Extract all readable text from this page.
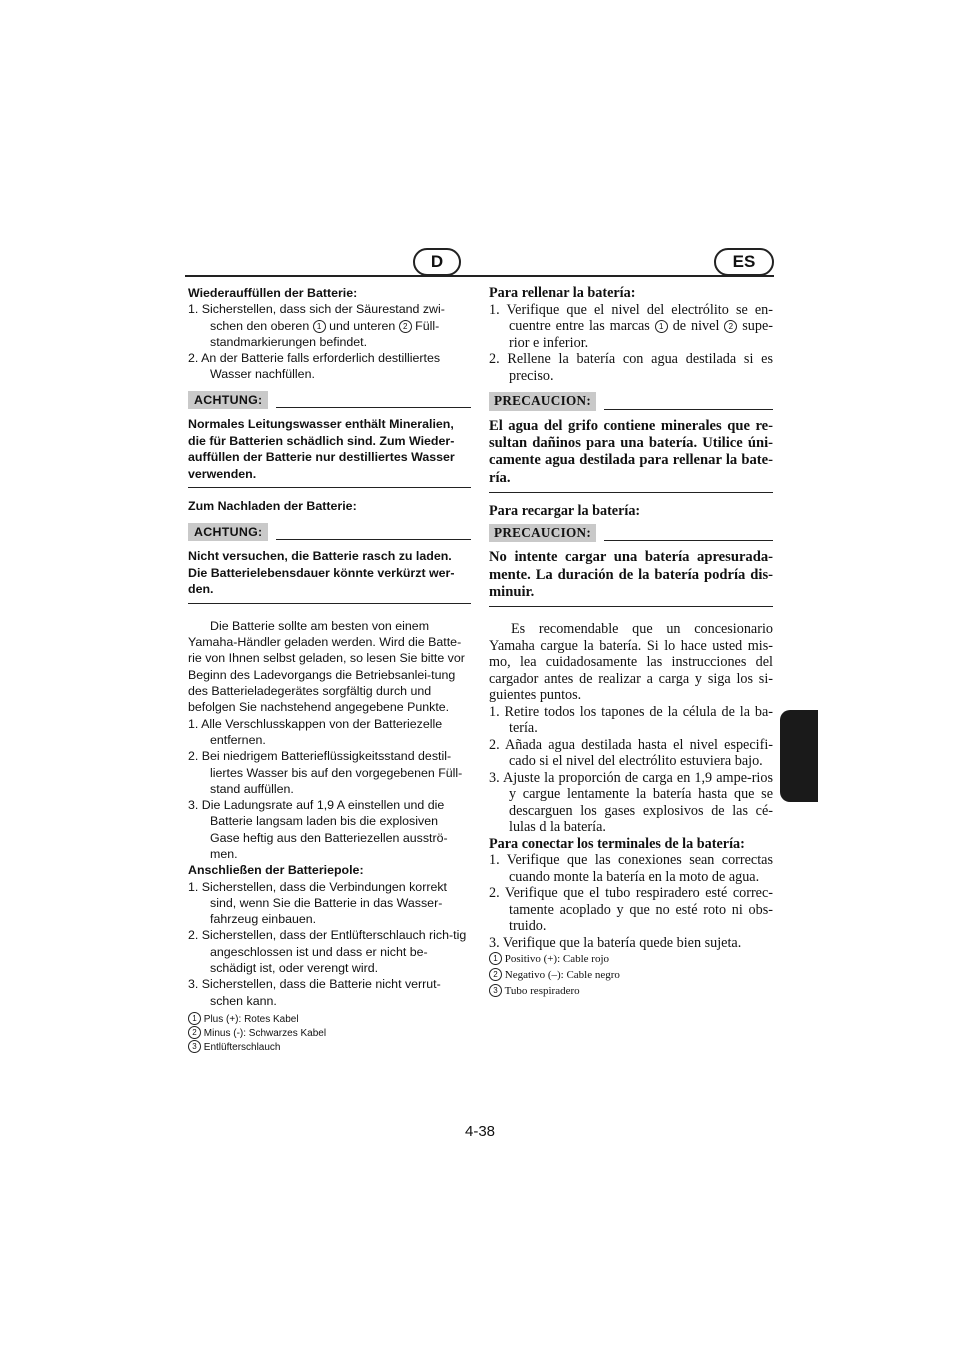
D	ES

Wiederauffüllen der Batterie:

1. Sicherstellen, dass sich der Säurestand zwi-schen den oberen 1 und unteren 2 Füll-standmarkierungen befindet.

2. An der Batterie falls erforderlich destilliertes Wasser nachfüllen.

ACHTUNG:

Normales Leitungswasser enthält Mineralien, die für Batterien schädlich sind. Zum Wieder-auffüllen der Batterie nur destilliertes Wasser verwenden.

Zum Nachladen der Batterie:

ACHTUNG:

Nicht versuchen, die Batterie rasch zu laden. Die Batterielebensdauer könnte verkürzt wer-den.

Die Batterie sollte am besten von einem Yamaha-Händler geladen werden. Wird die Batte-rie von Ihnen selbst geladen, so lesen Sie bitte vor Beginn des Ladevorgangs die Betriebsanlei-tung des Batterieladegerätes sorgfältig durch und befolgen Sie nachstehend angegebene Punkte.

1. Alle Verschlusskappen von der Batteriezelle entfernen.

2. Bei niedrigem Batterieflüssigkeitsstand destil-liertes Wasser bis auf den vorgegebenen Füll-stand auffüllen.

3. Die Ladungsrate auf 1,9 A einstellen und die Batterie langsam laden bis die explosiven Gase heftig aus den Batteriezellen ausströ-men.

Anschließen der Batteriepole:

1. Sicherstellen, dass die Verbindungen korrekt sind, wenn Sie die Batterie in das Wasser-fahrzeug einbauen.

2. Sicherstellen, dass der Entlüfterschlauch rich-tig angeschlossen ist und dass er nicht be-schädigt ist, oder verengt wird.

3. Sicherstellen, dass die Batterie nicht verrut-schen kann.

1 Plus (+): Rotes Kabel

2 Minus (-): Schwarzes Kabel

3 Entlüfterschlauch

Para rellenar la batería:

1. Verifique que el nivel del electrólito se en-cuentre entre las marcas 1 de nivel 2 supe-rior e inferior.

2. Rellene la batería con agua destilada si es preciso.

PRECAUCION:

El agua del grifo contiene minerales que re-sultan dañinos para una batería. Utilice úni-camente agua destilada para rellenar la bate-ría.

Para recargar la batería:

PRECAUCION:

No intente cargar una batería apresurada-mente. La duración de la batería podría dis-minuir.

Es recomendable que un concesionario Yamaha cargue la batería. Si lo hace usted mis-mo, lea cuidadosamente las instrucciones del cargador antes de realizar a carga y siga los si-guientes puntos.

1. Retire todos los tapones de la célula de la ba-tería.

2. Añada agua destilada hasta el nivel especifi-cado si el nivel del electrólito estuviera bajo.

3. Ajuste la proporción de carga en 1,9 ampe-rios y cargue lentamente la batería hasta que se descarguen los gases explosivos de las cé-lulas d la batería.

Para conectar los terminales de la batería:

1. Verifique que las conexiones sean correctas cuando monte la batería en la moto de agua.

2. Verifique que el tubo respiradero esté correc-tamente acoplado y que no esté roto ni obs-truido.

3. Verifique que la batería quede bien sujeta.

1 Positivo (+): Cable rojo

2 Negativo (–): Cable negro

3 Tubo respiradero

4-38
